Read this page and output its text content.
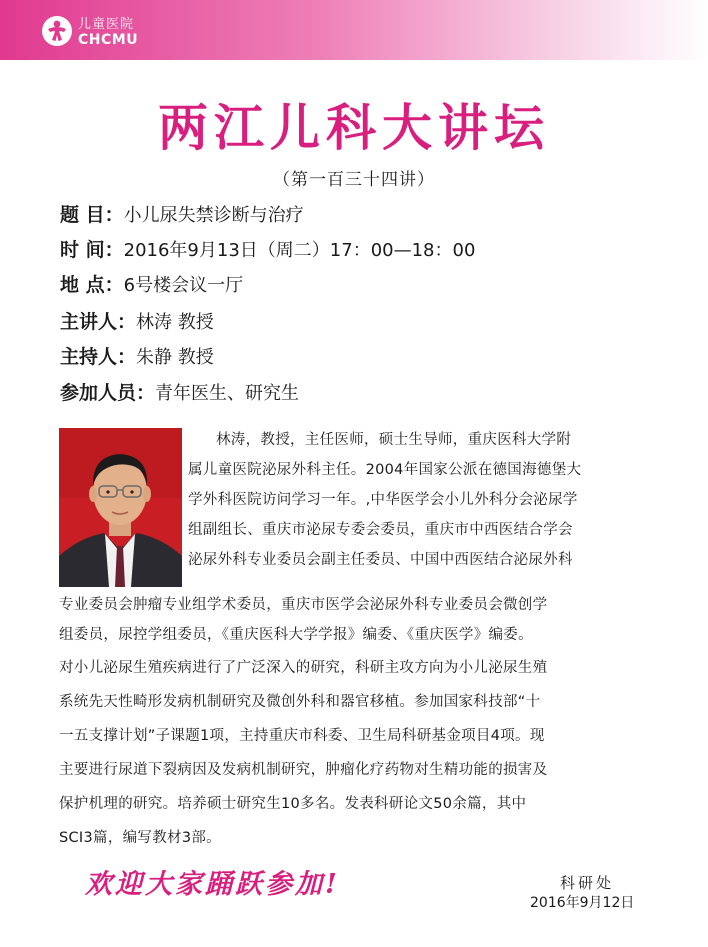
儿童医院
CHCMU
两江儿科大讲坛
（第一百三十四讲）
题 目：小儿尿失禁诊断与治疗
时 间：2016年9月13日（周二）17：00—18：00
地 点：6号楼会议一厅
主讲人：林涛 教授
主持人：朱静 教授
参加人员：青年医生、研究生
林涛，教授，主任医师，硕士生导师，重庆医科大学附
属儿童医院泌尿外科主任。2004年国家公派在德国海德堡大
学外科医院访问学习一年。,中华医学会小儿外科分会泌尿学
组副组长、重庆市泌尿专委会委员，重庆市中西医结合学会
泌尿外科专业委员会副主任委员、中国中西医结合泌尿外科
专业委员会肿瘤专业组学术委员，重庆市医学会泌尿外科专业委员会微创学
组委员，尿控学组委员，《重庆医科大学学报》编委、《重庆医学》编委。
对小儿泌尿生殖疾病进行了广泛深入的研究，科研主攻方向为小儿泌尿生殖
系统先天性畸形发病机制研究及微创外科和器官移植。参加国家科技部“十
一五支撑计划”子课题1项，主持重庆市科委、卫生局科研基金项目4项。现
主要进行尿道下裂病因及发病机制研究，肿瘤化疗药物对生精功能的损害及
保护机理的研究。培养硕士研究生10多名。发表科研论文50余篇，其中
SCI3篇，编写教材3部。
欢迎大家踊跃参加!	科研处
2016年9月12日
